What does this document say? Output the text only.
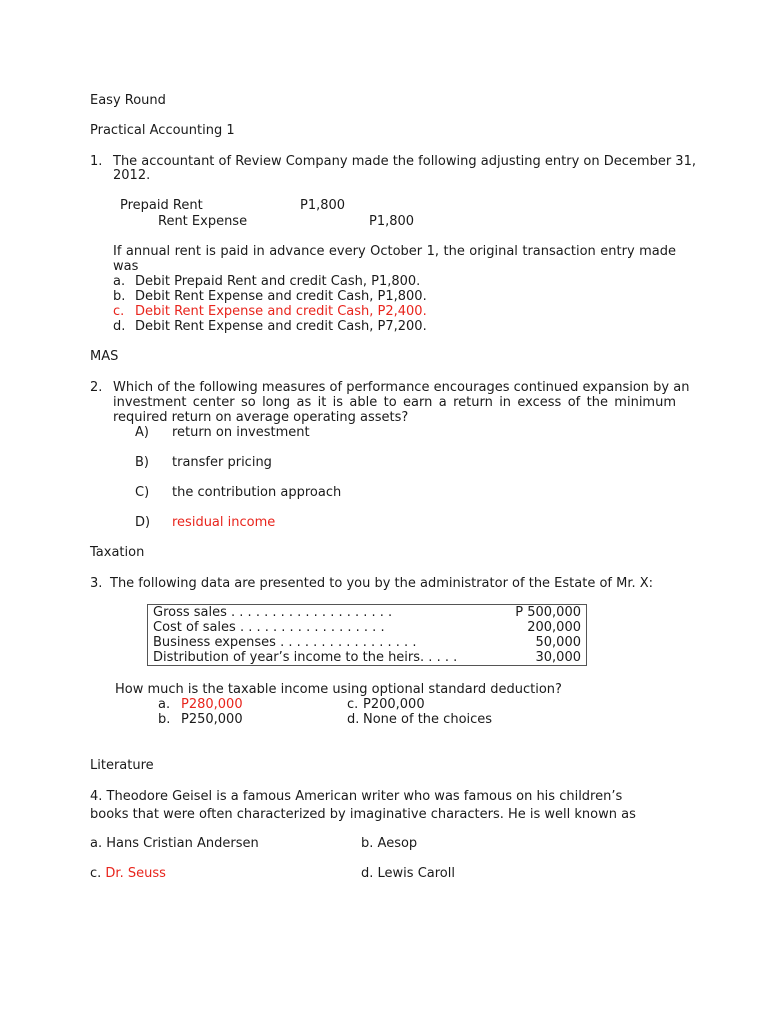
Easy Round
Practical Accounting 1
1. The accountant of Review Company made the following adjusting entry on December 31,
2012.
Prepaid Rent	P1,800
Rent Expense	P1,800
If annual rent is paid in advance every October 1, the original transaction entry made
was
a. Debit Prepaid Rent and credit Cash, P1,800.
b. Debit Rent Expense and credit Cash, P1,800.
c. Debit Rent Expense and credit Cash, P2,400.
d. Debit Rent Expense and credit Cash, P7,200.
MAS
2. Which of the following measures of performance encourages continued expansion by an
investment center so long as it is able to earn a return in excess of the minimum
required return on average operating assets?
A) return on investment
B) transfer pricing
C) the contribution approach
D) residual income
Taxation
3. The following data are presented to you by the administrator of the Estate of Mr. X:
Gross sales . . . . . . . . . . . . . . . . . . . .	P 500,000
Cost of sales . . . . . . . . . . . . . . . . . .	200,000
Business expenses . . . . . . . . . . . . . . . . .	50,000
Distribution of year’s income to the heirs. . . . .	30,000
How much is the taxable income using optional standard deduction?
a. P280,000	c. P200,000
b. P250,000	d. None of the choices
Literature
4. Theodore Geisel is a famous American writer who was famous on his children’s books that were often characterized by imaginative characters. He is well known as
a. Hans Cristian Andersen	b. Aesop
c. Dr. Seuss	d. Lewis Caroll
